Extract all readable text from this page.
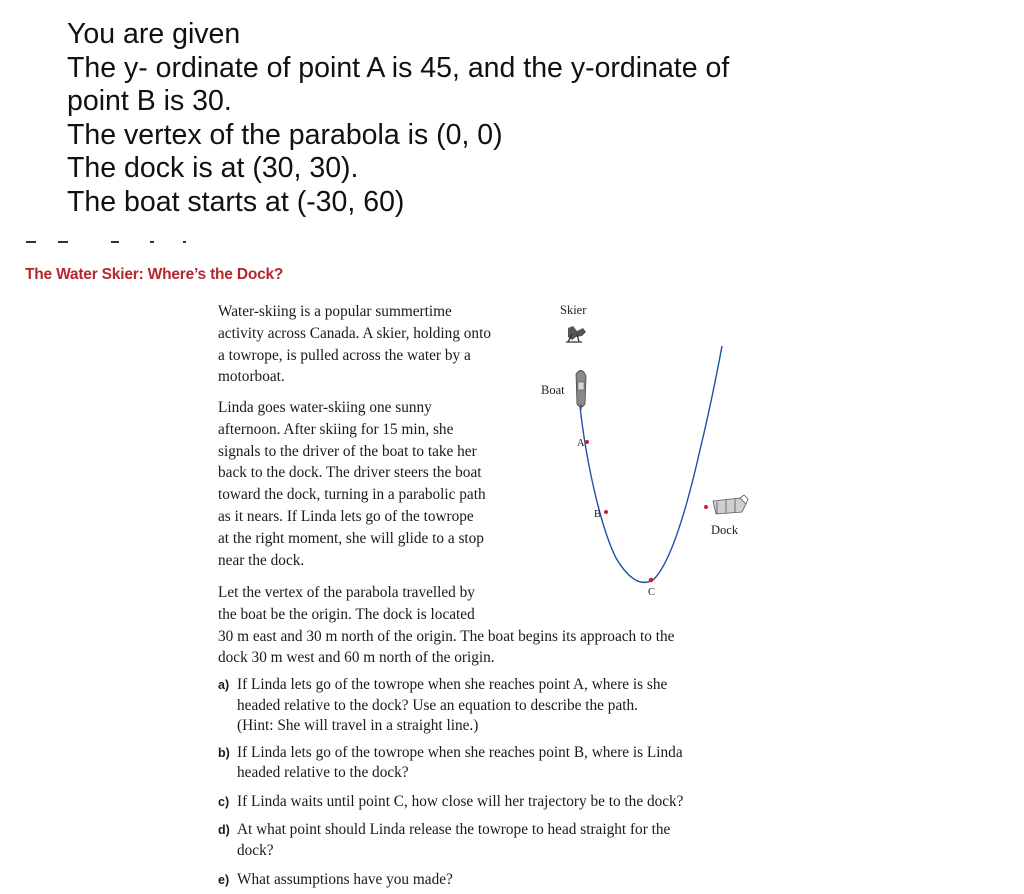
You are given
The y- ordinate of point A is 45, and the y-ordinate of
point B is 30.
The vertex of the parabola is (0, 0)
The dock is at (30, 30).
The boat starts at (-30, 60)
The Water Skier: Where’s the Dock?
Water-skiing is a popular summertime
activity across Canada. A skier, holding onto
a towrope, is pulled across the water by a
motorboat.
Linda goes water-skiing one sunny
afternoon. After skiing for 15 min, she
signals to the driver of the boat to take her
back to the dock. The driver steers the boat
toward the dock, turning in a parabolic path
as it nears. If Linda lets go of the towrope
at the right moment, she will glide to a stop
near the dock.
Let the vertex of the parabola travelled by
the boat be the origin. The dock is located
30 m east and 30 m north of the origin. The boat begins its approach to the
dock 30 m west and 60 m north of the origin.
Skier
Boat
A
B
C
Dock
a) If Linda lets go of the towrope when she reaches point A, where is she
headed relative to the dock? Use an equation to describe the path.
(Hint: She will travel in a straight line.)
b) If Linda lets go of the towrope when she reaches point B, where is Linda
headed relative to the dock?
c) If Linda waits until point C, how close will her trajectory be to the dock?
d) At what point should Linda release the towrope to head straight for the
dock?
e) What assumptions have you made?
